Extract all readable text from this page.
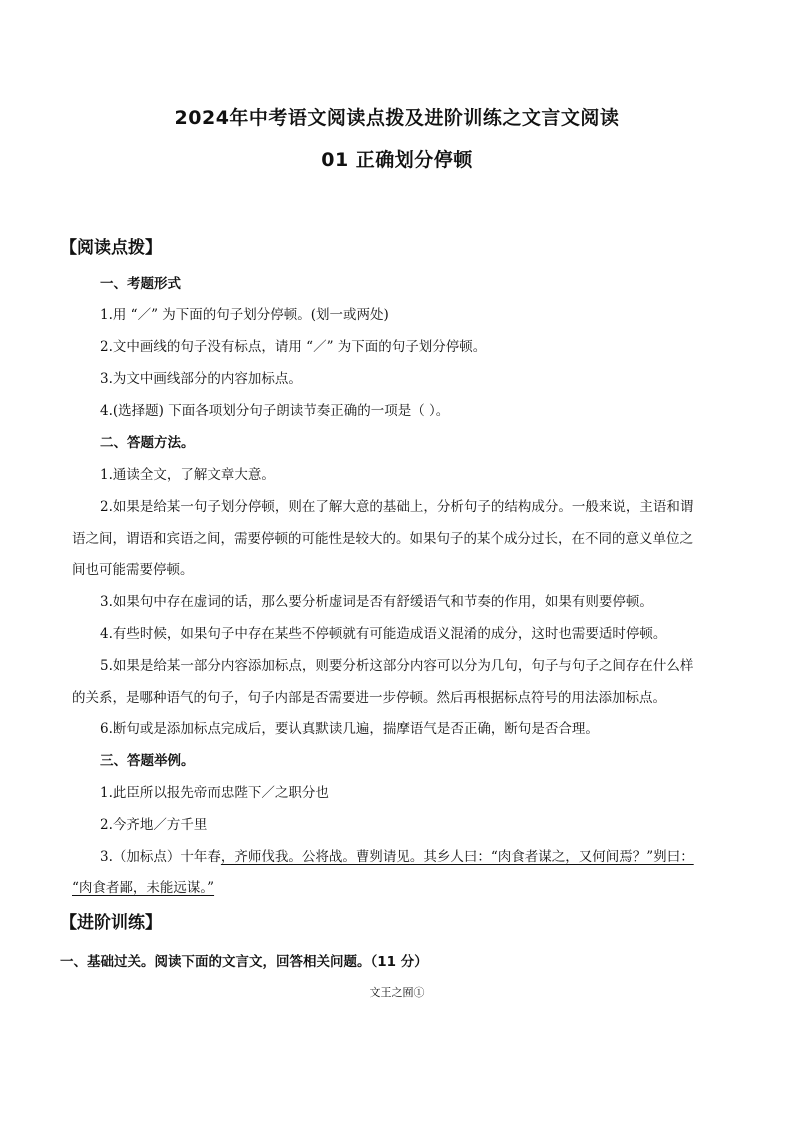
2024年中考语文阅读点拨及进阶训练之文言文阅读
01 正确划分停顿
【阅读点拨】
一、考题形式
1.用 “／” 为下面的句子划分停顿。(划一或两处)
2.文中画线的句子没有标点，请用 “／” 为下面的句子划分停顿。
3.为文中画线部分的内容加标点。
4.(选择题) 下面各项划分句子朗读节奏正确的一项是（ ）。
二、答题方法。
1.通读全文，了解文章大意。
2.如果是给某一句子划分停顿，则在了解大意的基础上，分析句子的结构成分。一般来说，主语和谓
语之间，谓语和宾语之间，需要停顿的可能性是较大的。如果句子的某个成分过长，在不同的意义单位之
间也可能需要停顿。
3.如果句中存在虚词的话，那么要分析虚词是否有舒缓语气和节奏的作用，如果有则要停顿。
4.有些时候，如果句子中存在某些不停顿就有可能造成语义混淆的成分，这时也需要适时停顿。
5.如果是给某一部分内容添加标点，则要分析这部分内容可以分为几句，句子与句子之间存在什么样
的关系，是哪种语气的句子，句子内部是否需要进一步停顿。然后再根据标点符号的用法添加标点。
6.断句或是添加标点完成后，要认真默读几遍，揣摩语气是否正确，断句是否合理。
三、答题举例。
1.此臣所以报先帝而忠陛下／之职分也
2.今齐地／方千里
3.（加标点）十年春，齐师伐我。公将战。曹刿请见。其乡人曰：“肉食者谋之，又何间焉？”刿曰：
“肉食者鄙，未能远谋。”
【进阶训练】
一、基础过关。阅读下面的文言文，回答相关问题。（11 分）
文王之囿①
